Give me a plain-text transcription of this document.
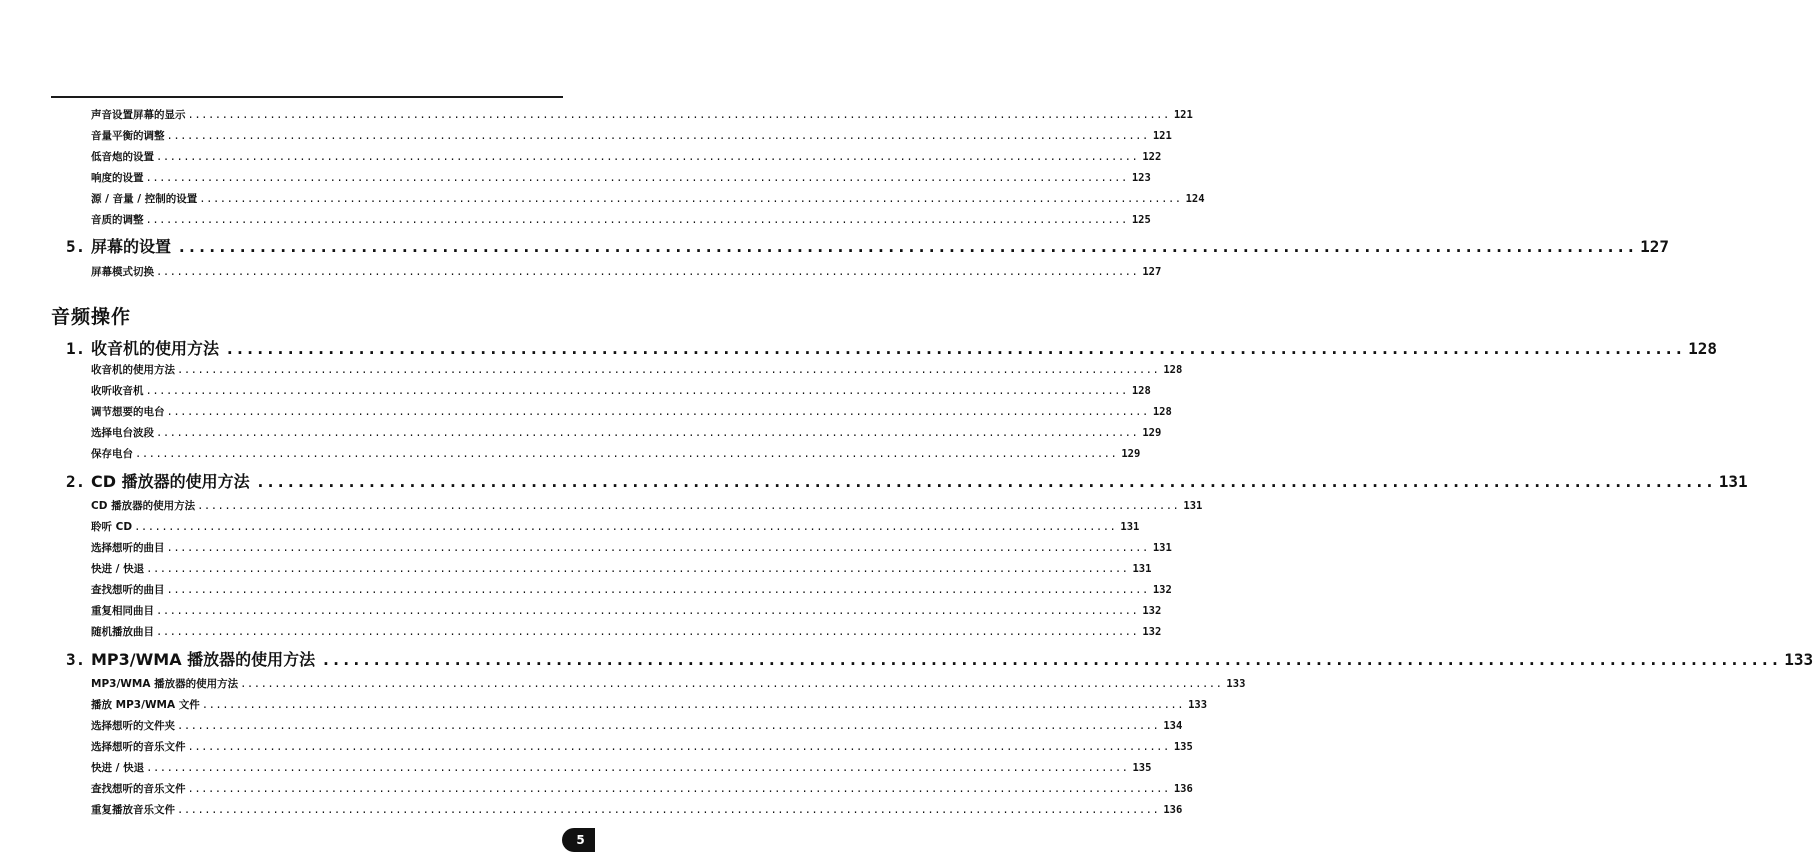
声音设置屏幕的显示 ................................................................................................................................................ 121
音量平衡的调整 ................................................................................................................................................ 121
低音炮的设置 ................................................................................................................................................ 122
响度的设置 ................................................................................................................................................ 123
源 / 音量 / 控制的设置 ................................................................................................................................................ 124
音质的调整 ................................................................................................................................................ 125
5. 屏幕的设置 ................................................................................................................................................ 127
屏幕模式切换 ................................................................................................................................................ 127
1. 收音机的使用方法 ................................................................................................................................................ 128
收音机的使用方法 ................................................................................................................................................ 128
收听收音机 ................................................................................................................................................ 128
调节想要的电台 ................................................................................................................................................ 128
选择电台波段 ................................................................................................................................................ 129
保存电台 ................................................................................................................................................ 129
2. CD 播放器的使用方法 ................................................................................................................................................ 131
CD 播放器的使用方法 ................................................................................................................................................ 131
聆听 CD ................................................................................................................................................ 131
选择想听的曲目 ................................................................................................................................................ 131
快进 / 快退 ................................................................................................................................................ 131
查找想听的曲目 ................................................................................................................................................ 132
重复相同曲目 ................................................................................................................................................ 132
随机播放曲目 ................................................................................................................................................ 132
3. MP3/WMA 播放器的使用方法 ................................................................................................................................................ 133
MP3/WMA 播放器的使用方法 ................................................................................................................................................ 133
播放 MP3/WMA 文件 ................................................................................................................................................ 133
选择想听的文件夹 ................................................................................................................................................ 134
选择想听的音乐文件 ................................................................................................................................................ 135
快进 / 快退 ................................................................................................................................................ 135
查找想听的音乐文件 ................................................................................................................................................ 136
重复播放音乐文件 ................................................................................................................................................ 136
音频操作
5
